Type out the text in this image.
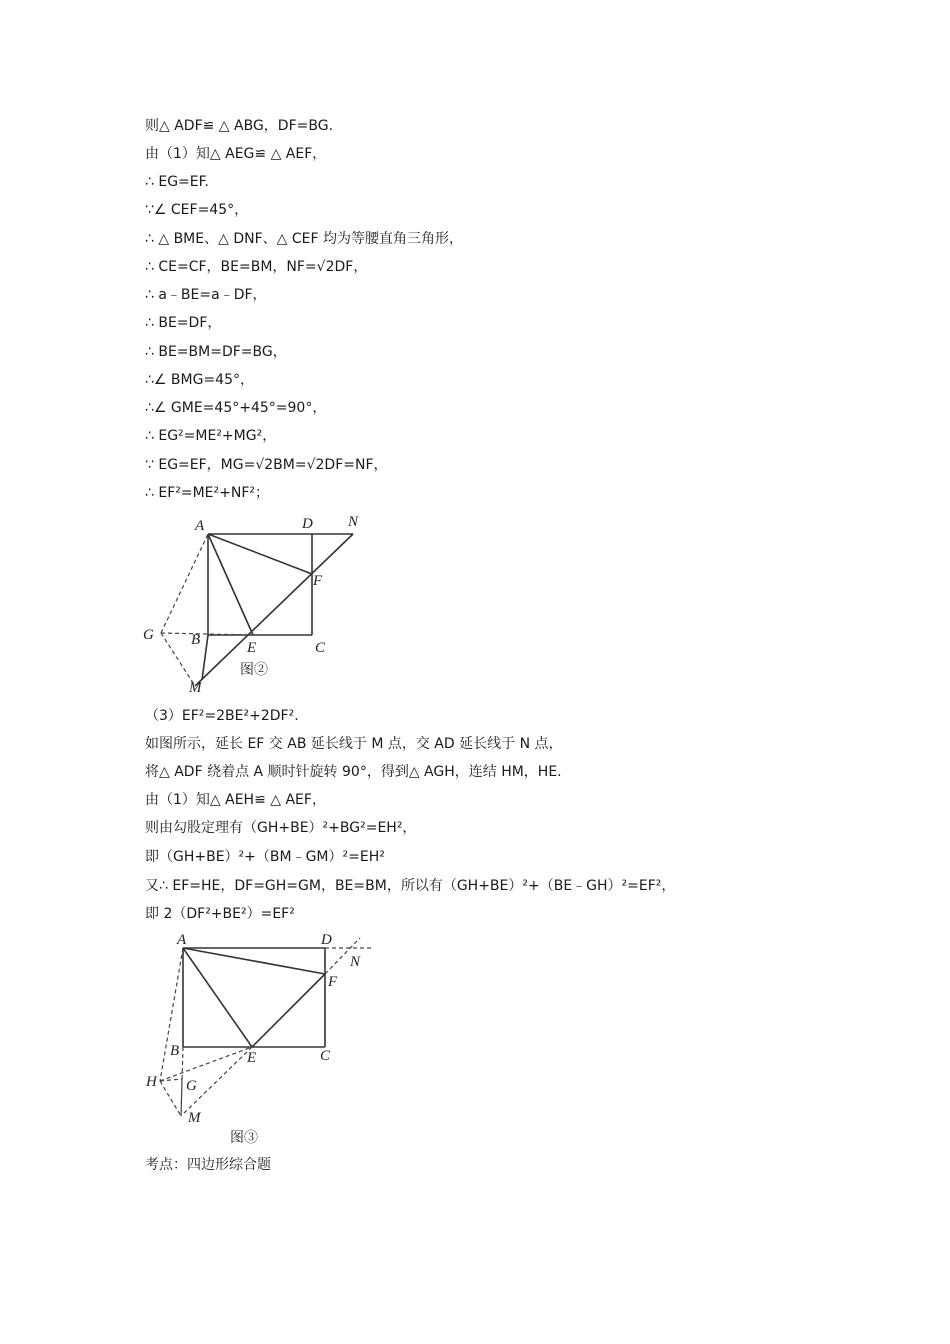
则△ ADF≌ △ ABG，DF=BG.
由（1）知△ AEG≌ △ AEF，
∴ EG=EF.
∵∠ CEF=45°，
∴ △ BME、△ DNF、△ CEF 均为等腰直角三角形，
∴ CE=CF，BE=BM，NF=√2DF，
∴ a﹣BE=a﹣DF，
∴ BE=DF，
∴ BE=BM=DF=BG，
∴∠ BMG=45°，
∴∠ GME=45°+45°=90°，
∴ EG²=ME²+MG²，
∵ EG=EF，MG=√2BM=√2DF=NF，
∴ EF²=ME²+NF²；
A	D N
F
G B	E	C
M
图②
（3）EF²=2BE²+2DF².
如图所示，延长 EF 交 AB 延长线于 M 点，交 AD 延长线于 N 点，
将△ ADF 绕着点 A 顺时针旋转 90°，得到△ AGH，连结 HM，HE.
由（1）知△ AEH≌ △ AEF，
则由勾股定理有（GH+BE）²+BG²=EH²，
即（GH+BE）²+（BM﹣GM）²=EH²
又∴ EF=HE，DF=GH=GM，BE=BM，所以有（GH+BE）²+（BE﹣GH）²=EF²，
即 2（DF²+BE²）=EF²
A	D
N
F
B	E	C
H G
M
图③
考点：四边形综合题
